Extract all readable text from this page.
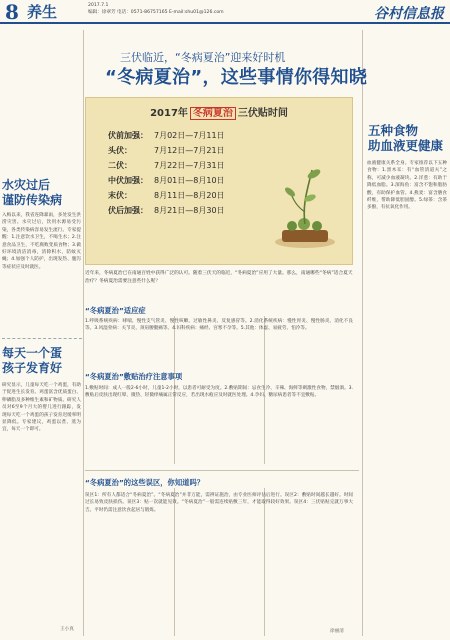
8 养生	2017.7.1
编辑：徐翠芳 电话：0571-86757165 E-mail:shu01@126.com	谷村信息报
三伏临近，“冬病夏治”迎来好时机
“冬病夏治”，这些事情你得知晓
2017年 冬病夏治 三伏贴时间
伏前加强： 7月02日—7月11日
头伏：	7月12日—7月21日
二伏：	7月22日—7月31日
中伏加强： 8月01日—8月10日
末伏：	8月11日—8月20日
伏后加强： 8月21日—8月30日
近年来，冬病夏治已在南通百姓中获得广泛的认可。随着三伏天的临近，“冬病夏治”应用了大量。那么，南通哪些“冬病”适合夏天治疗？冬病夏治需要注意些什么呢？
“冬病夏治”适应症
1.呼吸系统疾病：哮喘、慢性支气管炎、慢性咳嗽、过敏性鼻炎、反复感冒等。2.消化系统疾病：慢性胃炎、慢性肠炎、消化不良等。3.风湿骨病：关节炎、颈肩腰腿痛等。4.妇科疾病：痛经、宫寒不孕等。5.其他：体虚、易疲劳、怕冷等。
“冬病夏治”敷贴治疗注意事项
1.敷贴时间：成人一般2-6小时，儿童1-2小时，以患者可耐受为度。2.敷贴期间：忌食生冷、辛辣、海鲜等刺激性食物，禁烟酒。3.敷贴后皮肤出现红晕、微热、轻微痒痛属正常反应，若出现水疱应及时就医处理。4.孕妇、糖尿病患者等不宜敷贴。
“冬病夏治”的这些误区，你知道吗？
误区1：所有人都适合“冬病夏治”。“冬病夏治”并非万能，需辨证施治，由专业医师评估后进行。误区2：敷贴时间越长越好。时间过长易致皮肤损伤。误区3：贴一次就能见效。“冬病夏治”一般需连续贴敷三年，才能取得较好效果。误区4：三伏贴贴完就万事大吉。平时仍需注意饮食起居与锻炼。
徐丽清
水灾过后
谨防传染病
入梅以来，我省连降暴雨，多处发生洪涝灾害。水灾过后，饮用水源易受污染，各类传染病容易发生流行。专家提醒：1.注意饮水卫生，不喝生水；2.注意食品卫生，不吃腐败变质食物；3.做好环境清洁消毒，清除积水，防蚊灭蝇；4.加强个人防护，出现发热、腹泻等症状应及时就医。
每天一个蛋
孩子发育好
研究显示，儿童每天吃一个鸡蛋，有助于促进生长发育。鸡蛋富含优质蛋白、卵磷脂及多种维生素和矿物质。研究人员对6至9个月大的婴儿进行跟踪，发现每天吃一个鸡蛋的孩子发育迟缓率明显降低。专家建议，鸡蛋以煮、蒸为宜，每天一个即可。
王小真
五种食物
助血液更健康
血液健康关系全身。专家推荐以下五种食物：1.黑木耳：有“血管清道夫”之称，可减少血液凝块。2.洋葱：有助于降低血脂。3.深海鱼：富含不饱和脂肪酸，有助保护血管。4.燕麦：富含膳食纤维，帮助降低胆固醇。5.绿茶：含茶多酚，有抗氧化作用。
